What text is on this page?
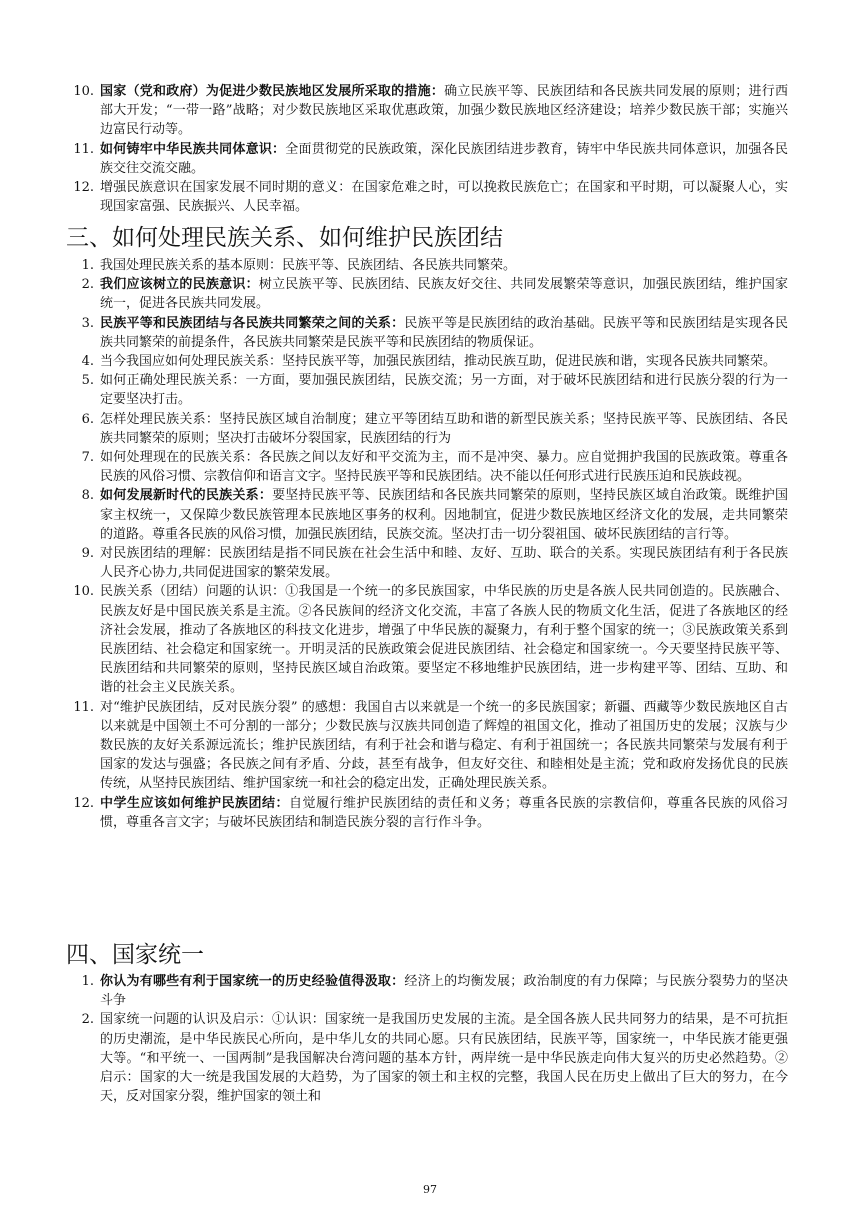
10. 国家（党和政府）为促进少数民族地区发展所采取的措施：确立民族平等、民族团结和各民族共同发展的原则；进行西部大开发；“一带一路”战略；对少数民族地区采取优惠政策，加强少数民族地区经济建设；培养少数民族干部；实施兴边富民行动等。
11. 如何铸牢中华民族共同体意识：全面贯彻党的民族政策，深化民族团结进步教育，铸牢中华民族共同体意识，加强各民族交往交流交融。
12. 增强民族意识在国家发展不同时期的意义：在国家危难之时，可以挽救民族危亡；在国家和平时期，可以凝聚人心，实现国家富强、民族振兴、人民幸福。
三、如何处理民族关系、如何维护民族团结
1. 我国处理民族关系的基本原则：民族平等、民族团结、各民族共同繁荣。
2. 我们应该树立的民族意识：树立民族平等、民族团结、民族友好交往、共同发展繁荣等意识，加强民族团结，维护国家统一，促进各民族共同发展。
3. 民族平等和民族团结与各民族共同繁荣之间的关系：民族平等是民族团结的政治基础。民族平等和民族团结是实现各民族共同繁荣的前提条件，各民族共同繁荣是民族平等和民族团结的物质保证。
4. 当今我国应如何处理民族关系：坚持民族平等，加强民族团结，推动民族互助，促进民族和谐，实现各民族共同繁荣。
5. 如何正确处理民族关系：一方面，要加强民族团结，民族交流；另一方面，对于破坏民族团结和进行民族分裂的行为一定要坚决打击。
6. 怎样处理民族关系：坚持民族区域自治制度；建立平等团结互助和谐的新型民族关系；坚持民族平等、民族团结、各民族共同繁荣的原则；坚决打击破坏分裂国家，民族团结的行为
7. 如何处理现在的民族关系：各民族之间以友好和平交流为主，而不是冲突、暴力。应自觉拥护我国的民族政策。尊重各民族的风俗习惯、宗教信仰和语言文字。坚持民族平等和民族团结。决不能以任何形式进行民族压迫和民族歧视。
8. 如何发展新时代的民族关系：要坚持民族平等、民族团结和各民族共同繁荣的原则，坚持民族区域自治政策。既维护国家主权统一，又保障少数民族管理本民族地区事务的权利。因地制宜，促进少数民族地区经济文化的发展，走共同繁荣的道路。尊重各民族的风俗习惯，加强民族团结，民族交流。坚决打击一切分裂祖国、破坏民族团结的言行等。
9. 对民族团结的理解：民族团结是指不同民族在社会生活中和睦、友好、互助、联合的关系。实现民族团结有利于各民族人民齐心协力,共同促进国家的繁荣发展。
10. 民族关系（团结）问题的认识：①我国是一个统一的多民族国家，中华民族的历史是各族人民共同创造的。民族融合、民族友好是中国民族关系是主流。②各民族间的经济文化交流，丰富了各族人民的物质文化生活，促进了各族地区的经济社会发展，推动了各族地区的科技文化进步，增强了中华民族的凝聚力，有利于整个国家的统一；③民族政策关系到民族团结、社会稳定和国家统一。开明灵活的民族政策会促进民族团结、社会稳定和国家统一。今天要坚持民族平等、民族团结和共同繁荣的原则，坚持民族区域自治政策。要坚定不移地维护民族团结，进一步构建平等、团结、互助、和谐的社会主义民族关系。
11. 对“维护民族团结，反对民族分裂” 的感想：我国自古以来就是一个统一的多民族国家；新疆、西藏等少数民族地区自古以来就是中国领土不可分割的一部分；少数民族与汉族共同创造了辉煌的祖国文化，推动了祖国历史的发展；汉族与少数民族的友好关系源远流长；维护民族团结，有利于社会和谐与稳定、有利于祖国统一；各民族共同繁荣与发展有利于国家的发达与强盛；各民族之间有矛盾、分歧，甚至有战争，但友好交往、和睦相处是主流；党和政府发扬优良的民族传统，从坚持民族团结、维护国家统一和社会的稳定出发，正确处理民族关系。
12. 中学生应该如何维护民族团结：自觉履行维护民族团结的责任和义务；尊重各民族的宗教信仰，尊重各民族的风俗习惯，尊重各言文字；与破坏民族团结和制造民族分裂的言行作斗争。
四、国家统一
1. 你认为有哪些有利于国家统一的历史经验值得汲取：经济上的均衡发展；政治制度的有力保障；与民族分裂势力的坚决斗争
2. 国家统一问题的认识及启示：①认识：国家统一是我国历史发展的主流。是全国各族人民共同努力的结果，是不可抗拒的历史潮流，是中华民族民心所向，是中华儿女的共同心愿。只有民族团结，民族平等，国家统一，中华民族才能更强大等。“和平统一、一国两制”是我国解决台湾问题的基本方针，两岸统一是中华民族走向伟大复兴的历史必然趋势。②启示：国家的大一统是我国发展的大趋势，为了国家的领土和主权的完整，我国人民在历史上做出了巨大的努力，在今天，反对国家分裂，维护国家的领土和
97
